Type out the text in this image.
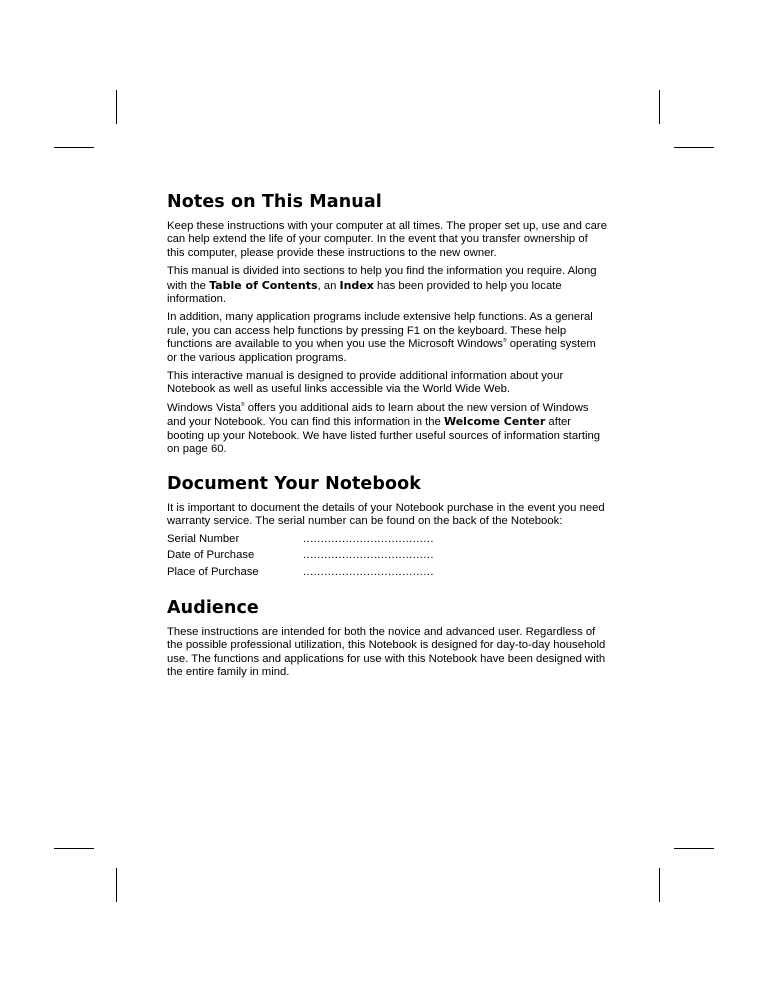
Notes on This Manual

Keep these instructions with your computer at all times. The proper set up, use and care can help extend the life of your computer. In the event that you transfer ownership of this computer, please provide these instructions to the new owner.

This manual is divided into sections to help you find the information you require. Along with the Table of Contents, an Index has been provided to help you locate information.

In addition, many application programs include extensive help functions. As a general rule, you can access help functions by pressing F1 on the keyboard. These help functions are available to you when you use the Microsoft Windows® operating system or the various application programs.

This interactive manual is designed to provide additional information about your Notebook as well as useful links accessible via the World Wide Web.

Windows Vista® offers you additional aids to learn about the new version of Windows and your Notebook. You can find this information in the Welcome Center after booting up your Notebook. We have listed further useful sources of information starting on page 60.

Document Your Notebook

It is important to document the details of your Notebook purchase in the event you need warranty service. The serial number can be found on the back of the Notebook:

Serial Number	.....................................
Date of Purchase	.....................................
Place of Purchase	.....................................
Audience

These instructions are intended for both the novice and advanced user. Regardless of the possible professional utilization, this Notebook is designed for day-to-day household use. The functions and applications for use with this Notebook have been designed with the entire family in mind.
